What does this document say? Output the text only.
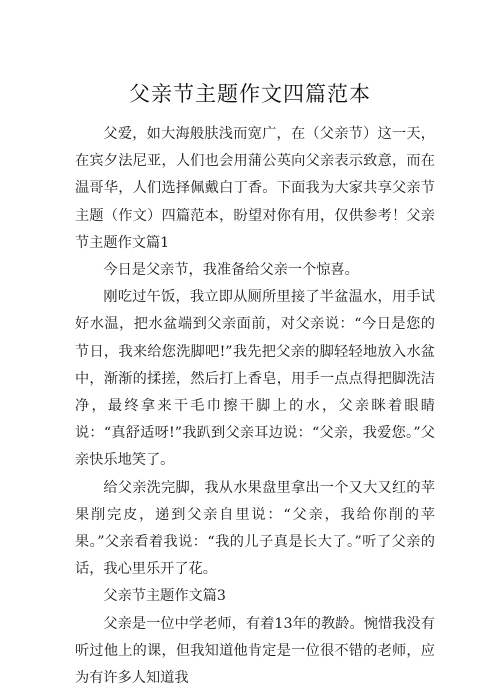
父亲节主题作文四篇范本

父爱，如大海般肤浅而宽广，在（父亲节）这一天，在宾夕法尼亚，人们也会用蒲公英向父亲表示致意，而在温哥华，人们选择佩戴白丁香。下面我为大家共享父亲节主题（作文）四篇范本，盼望对你有用，仅供参考！父亲节主题作文篇1

今日是父亲节，我准备给父亲一个惊喜。

刚吃过午饭，我立即从厕所里接了半盆温水，用手试好水温，把水盆端到父亲面前，对父亲说：“今日是您的节日，我来给您洗脚吧!”我先把父亲的脚轻轻地放入水盆中，渐渐的揉搓，然后打上香皂，用手一点点得把脚洗洁净，最终拿来干毛巾擦干脚上的水，父亲眯着眼睛说：“真舒适呀!”我趴到父亲耳边说：“父亲，我爱您。”父亲快乐地笑了。

给父亲洗完脚，我从水果盘里拿出一个又大又红的苹果削完皮，递到父亲自里说：“父亲，我给你削的苹果。”父亲看着我说：“我的儿子真是长大了。”听了父亲的话，我心里乐开了花。

父亲节主题作文篇3

父亲是一位中学老师，有着13年的教龄。惋惜我没有听过他上的课，但我知道他肯定是一位很不错的老师，应为有许多人知道我
